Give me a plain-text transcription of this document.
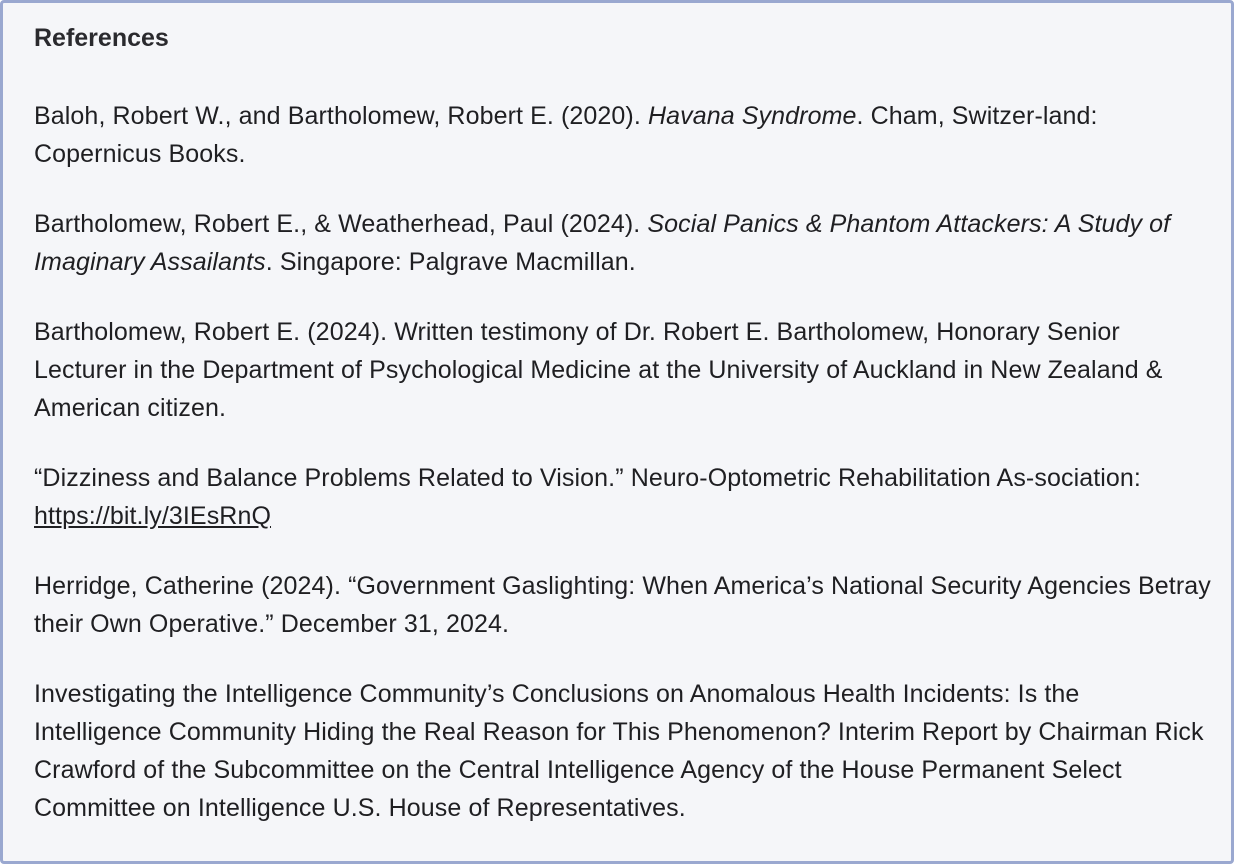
References

Baloh, Robert W., and Bartholomew, Robert E. (2020). Havana Syndrome. Cham, Switzer-land: Copernicus Books.

Bartholomew, Robert E., & Weatherhead, Paul (2024). Social Panics & Phantom Attackers: A Study of Imaginary Assailants. Singapore: Palgrave Macmillan.

Bartholomew, Robert E. (2024). Written testimony of Dr. Robert E. Bartholomew, Honorary Senior Lecturer in the Department of Psychological Medicine at the University of Auckland in New Zealand & American citizen.

“Dizziness and Balance Problems Related to Vision.” Neuro-Optometric Rehabilitation As-sociation: https://bit.ly/3IEsRnQ

Herridge, Catherine (2024). “Government Gaslighting: When America’s National Security Agencies Betray their Own Operative.” December 31, 2024.

Investigating the Intelligence Community’s Conclusions on Anomalous Health Incidents: Is the Intelligence Community Hiding the Real Reason for This Phenomenon? Interim Report by Chairman Rick Crawford of the Subcommittee on the Central Intelligence Agency of the House Permanent Select Committee on Intelligence U.S. House of Representatives.
